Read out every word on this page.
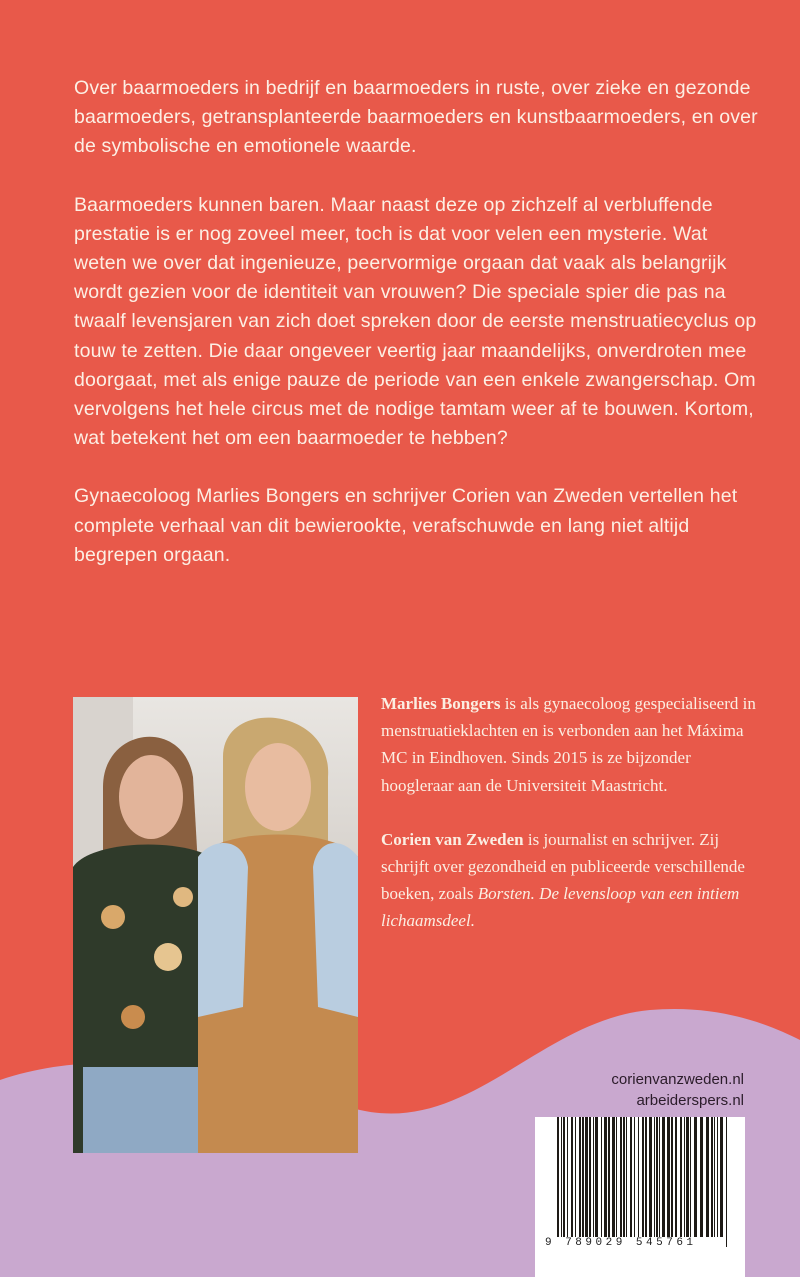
Over baarmoeders in bedrijf en baarmoeders in ruste, over zieke en gezonde baarmoeders, getransplanteerde baarmoeders en kunstbaarmoeders, en over de symbolische en emotionele waarde.

Baarmoeders kunnen baren. Maar naast deze op zichzelf al verbluffende prestatie is er nog zoveel meer, toch is dat voor velen een mysterie. Wat weten we over dat ingenieuze, peervormige orgaan dat vaak als belangrijk wordt gezien voor de identiteit van vrouwen? Die speciale spier die pas na twaalf levensjaren van zich doet spreken door de eerste menstruatiecyclus op touw te zetten. Die daar ongeveer veertig jaar maandelijks, onverdroten mee doorgaat, met als enige pauze de periode van een enkele zwangerschap. Om vervolgens het hele circus met de nodige tamtam weer af te bouwen. Kortom, wat betekent het om een baarmoeder te hebben?

Gynaecoloog Marlies Bongers en schrijver Corien van Zweden vertellen het complete verhaal van dit bewierookte, verafschuwde en lang niet altijd begrepen orgaan.

Marlies Bongers is als gynaecoloog gespecialiseerd in menstruatieklachten en is verbonden aan het Máxima MC in Eindhoven. Sinds 2015 is ze bijzonder hoogleraar aan de Universiteit Maastricht.

Corien van Zweden is journalist en schrijver. Zij schrijft over gezondheid en publiceerde verschillende boeken, zoals Borsten. De levensloop van een intiem lichaamsdeel.

corienvanzweden.nl
arbeiderspers.nl
9 789029 545761
